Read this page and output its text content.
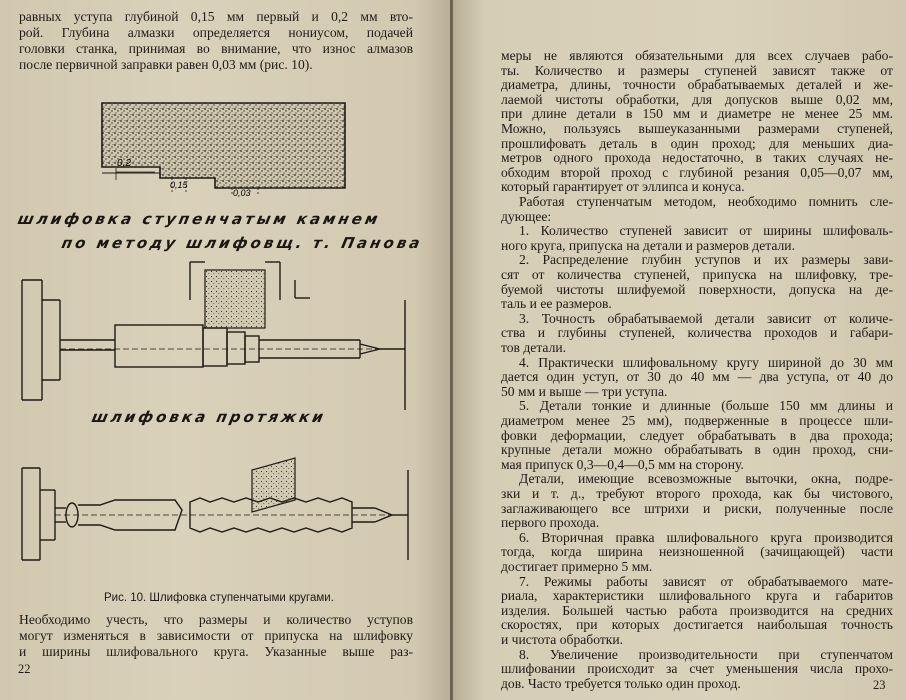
равных уступа глубиной 0,15 мм первый и 0,2 мм вто-
рой. Глубина алмазки определяется нониусом, подачей
головки станка, принимая во внимание, что износ алмазов
после первичной заправки равен 0,03 мм (рис. 10).
0,2
0,15
0,03
шлифовка ступенчатым камнем
по методу шлифовщ. т. Панова
шлифовка протяжки
Рис. 10. Шлифовка ступенчатыми кругами.
Необходимо учесть, что размеры и количество уступов
могут изменяться в зависимости от припуска на шлифовку
и ширины шлифовального круга. Указанные выше раз-
22
меры не являются обязательными для всех случаев рабо-
ты. Количество и размеры ступеней зависят также от
диаметра, длины, точности обрабатываемых деталей и же-
лаемой чистоты обработки, для допусков выше 0,02 мм,
при длине детали в 150 мм и диаметре не менее 25 мм.
Можно, пользуясь вышеуказанными размерами ступеней,
прошлифовать деталь в один проход; для меньших диа-
метров одного прохода недостаточно, в таких случаях не-
обходим второй проход с глубиной резания 0,05—0,07 мм,
который гарантирует от эллипса и конуса.
Работая ступенчатым методом, необходимо помнить сле-
дующее:
1. Количество ступеней зависит от ширины шлифоваль-
ного круга, припуска на детали и размеров детали.
2. Распределение глубин уступов и их размеры зави-
сят от количества ступеней, припуска на шлифовку, тре-
буемой чистоты шлифуемой поверхности, допуска на де-
таль и ее размеров.
3. Точность обрабатываемой детали зависит от количе-
ства и глубины ступеней, количества проходов и габари-
тов детали.
4. Практически шлифовальному кругу шириной до 30 мм
дается один уступ, от 30 до 40 мм — два уступа, от 40 до
50 мм и выше — три уступа.
5. Детали тонкие и длинные (больше 150 мм длины и
диаметром менее 25 мм), подверженные в процессе шли-
фовки деформации, следует обрабатывать в два прохода;
крупные детали можно обрабатывать в один проход, сни-
мая припуск 0,3—0,4—0,5 мм на сторону.
Детали, имеющие всевозможные выточки, окна, подре-
зки и т. д., требуют второго прохода, как бы чистового,
заглаживающего все штрихи и риски, полученные после
первого прохода.
6. Вторичная правка шлифовального круга производится
тогда, когда ширина неизношенной (зачищающей) части
достигает примерно 5 мм.
7. Режимы работы зависят от обрабатываемого мате-
риала, характеристики шлифовального круга и габаритов
изделия. Большей частью работа производится на средних
скоростях, при которых достигается наибольшая точность
и чистота обработки.
8. Увеличение производительности при ступенчатом
шлифовании происходит за счет уменьшения числа прохо-
дов. Часто требуется только один проход.	23
